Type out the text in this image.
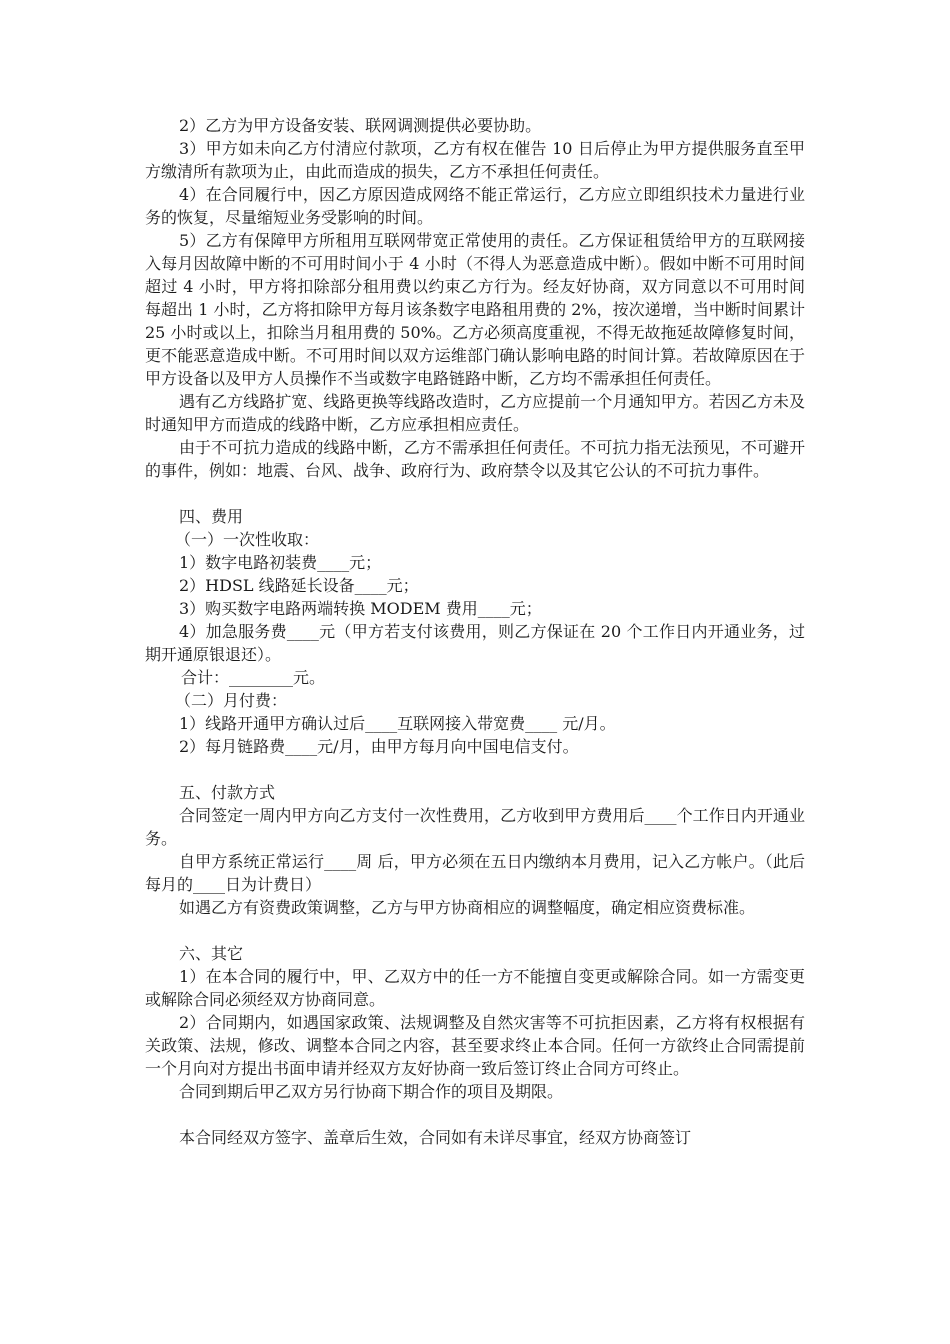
2）乙方为甲方设备安装、联网调测提供必要协助。

3）甲方如未向乙方付清应付款项，乙方有权在催告 10 日后停止为甲方提供服务直至甲方缴清所有款项为止，由此而造成的损失，乙方不承担任何责任。

4）在合同履行中，因乙方原因造成网络不能正常运行，乙方应立即组织技术力量进行业务的恢复，尽量缩短业务受影响的时间。

5）乙方有保障甲方所租用互联网带宽正常使用的责任。乙方保证租赁给甲方的互联网接入每月因故障中断的不可用时间小于 4 小时（不得人为恶意造成中断）。假如中断不可用时间超过 4 小时，甲方将扣除部分租用费以约束乙方行为。经友好协商，双方同意以不可用时间每超出 1 小时，乙方将扣除甲方每月该条数字电路租用费的 2%，按次递增，当中断时间累计 25 小时或以上，扣除当月租用费的 50%。乙方必须高度重视，不得无故拖延故障修复时间，更不能恶意造成中断。不可用时间以双方运维部门确认影响电路的时间计算。若故障原因在于甲方设备以及甲方人员操作不当或数字电路链路中断，乙方均不需承担任何责任。

遇有乙方线路扩宽、线路更换等线路改造时，乙方应提前一个月通知甲方。若因乙方未及时通知甲方而造成的线路中断，乙方应承担相应责任。

由于不可抗力造成的线路中断，乙方不需承担任何责任。不可抗力指无法预见，不可避开的事件，例如：地震、台风、战争、政府行为、政府禁令以及其它公认的不可抗力事件。

四、费用

（一）一次性收取：

1）数字电路初装费____元；

2）HDSL 线路延长设备____元；

3）购买数字电路两端转换 MODEM 费用____元；

4）加急服务费____元（甲方若支付该费用，则乙方保证在 20 个工作日内开通业务，过期开通原银退还）。

合计：________元。

（二）月付费：

1）线路开通甲方确认过后____互联网接入带宽费____ 元/月。

2）每月链路费____元/月，由甲方每月向中国电信支付。

五、付款方式

合同签定一周内甲方向乙方支付一次性费用，乙方收到甲方费用后____个工作日内开通业务。

自甲方系统正常运行____周 后，甲方必须在五日内缴纳本月费用，记入乙方帐户。（此后每月的____日为计费日）

如遇乙方有资费政策调整，乙方与甲方协商相应的调整幅度，确定相应资费标准。

六、其它

1）在本合同的履行中，甲、乙双方中的任一方不能擅自变更或解除合同。如一方需变更或解除合同必须经双方协商同意。

2）合同期内，如遇国家政策、法规调整及自然灾害等不可抗拒因素，乙方将有权根据有关政策、法规，修改、调整本合同之内容，甚至要求终止本合同。任何一方欲终止合同需提前一个月向对方提出书面申请并经双方友好协商一致后签订终止合同方可终止。

合同到期后甲乙双方另行协商下期合作的项目及期限。

本合同经双方签字、盖章后生效，合同如有未详尽事宜，经双方协商签订
